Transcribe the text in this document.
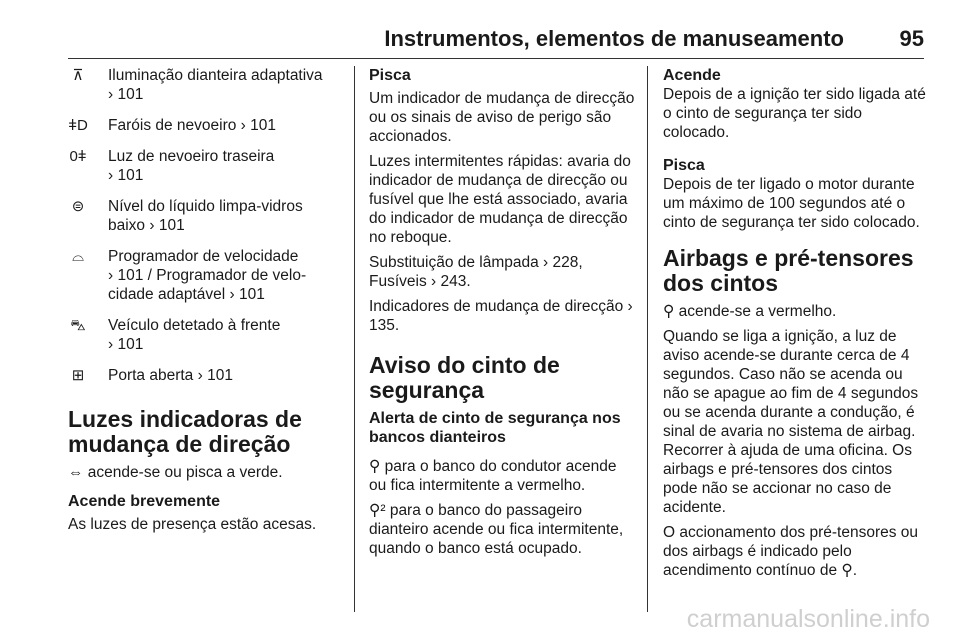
Instrumentos, elementos de manuseamento	95
⊼ Iluminação dianteira adaptativa
› 101
ǂD Faróis de nevoeiro › 101
0ǂ Luz de nevoeiro traseira
› 101
⊜ Nível do líquido limpa-vidros
baixo › 101
⌓ Programador de velocidade
› 101 / Programador de velo-
cidade adaptável › 101
⛍ Veículo detetado à frente
› 101
⊞ Porta aberta › 101
Luzes indicadoras de mudança de direção

⇔ acende-se ou pisca a verde.

Acende brevemente

As luzes de presença estão acesas.

Pisca

Um indicador de mudança de direcção ou os sinais de aviso de perigo são accionados.

Luzes intermitentes rápidas: avaria do indicador de mudança de direcção ou fusível que lhe está associado, avaria do indicador de mudança de direcção no reboque.

Substituição de lâmpada › 228, Fusíveis › 243.

Indicadores de mudança de direcção › 135.

Aviso do cinto de segurança
Alerta de cinto de segurança nos bancos dianteiros

⚲ para o banco do condutor acende ou fica intermitente a vermelho.

⚲² para o banco do passageiro dianteiro acende ou fica intermitente, quando o banco está ocupado.

Acende

Depois de a ignição ter sido ligada até o cinto de segurança ter sido colocado.

Pisca

Depois de ter ligado o motor durante um máximo de 100 segundos até o cinto de segurança ter sido colocado.

Airbags e pré-tensores dos cintos

⚲ acende-se a vermelho.

Quando se liga a ignição, a luz de aviso acende-se durante cerca de 4 segundos. Caso não se acenda ou não se apague ao fim de 4 segundos ou se acenda durante a condução, é sinal de avaria no sistema de airbag. Recorrer à ajuda de uma oficina. Os airbags e pré-tensores dos cintos pode não se accionar no caso de acidente.

O accionamento dos pré-tensores ou dos airbags é indicado pelo acendimento contínuo de ⚲.

carmanualsonline.info
